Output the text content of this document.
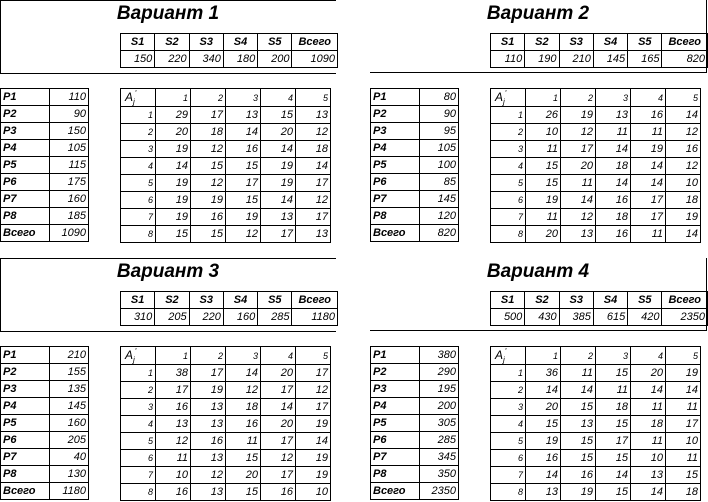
Вариант 1
S1	S2	S3	S4	S5	Всего
150	220	340	180	200	1090
P1	110
P2	90
P3	150
P4	105
P5	115
P6	175
P7	160
P8	185
Всего	1090
$A_j'$	1	2	3	4	5
1	29	17	13	15	13
2	20	18	14	20	12
3	19	12	16	14	18
4	14	15	15	19	14
5	19	12	17	19	17
6	19	19	15	14	12
7	19	16	19	13	17
8	15	15	12	17	13
Вариант 2
S1	S2	S3	S4	S5	Всего
110	190	210	145	165	820
P1	80
P2	90
P3	95
P4	105
P5	100
P6	85
P7	145
P8	120
Всего	820
$A_j'$	1	2	3	4	5
1	26	19	13	16	14
2	10	12	11	11	12
3	11	17	14	19	16
4	15	20	18	14	12
5	15	11	14	14	10
6	19	14	16	17	18
7	11	12	18	17	19
8	20	13	16	11	14
Вариант 3
S1	S2	S3	S4	S5	Всего
310	205	220	160	285	1180
P1	210
P2	155
P3	135
P4	145
P5	160
P6	205
P7	40
P8	130
Всего	1180
$A_j'$	1	2	3	4	5
1	38	17	14	20	17
2	17	19	12	17	12
3	16	13	18	14	17
4	13	13	16	20	19
5	12	16	11	17	14
6	11	13	15	12	19
7	10	12	20	17	19
8	16	13	15	16	10
Вариант 4
S1	S2	S3	S4	S5	Всего
500	430	385	615	420	2350
P1	380
P2	290
P3	195
P4	200
P5	305
P6	285
P7	345
P8	350
Всего	2350
$A_j'$	1	2	3	4	5
1	36	11	15	20	19
2	14	14	11	14	14
3	20	15	18	11	11
4	15	13	15	18	17
5	19	15	17	11	10
6	16	15	15	10	11
7	14	16	14	13	15
8	13	19	15	14	18
